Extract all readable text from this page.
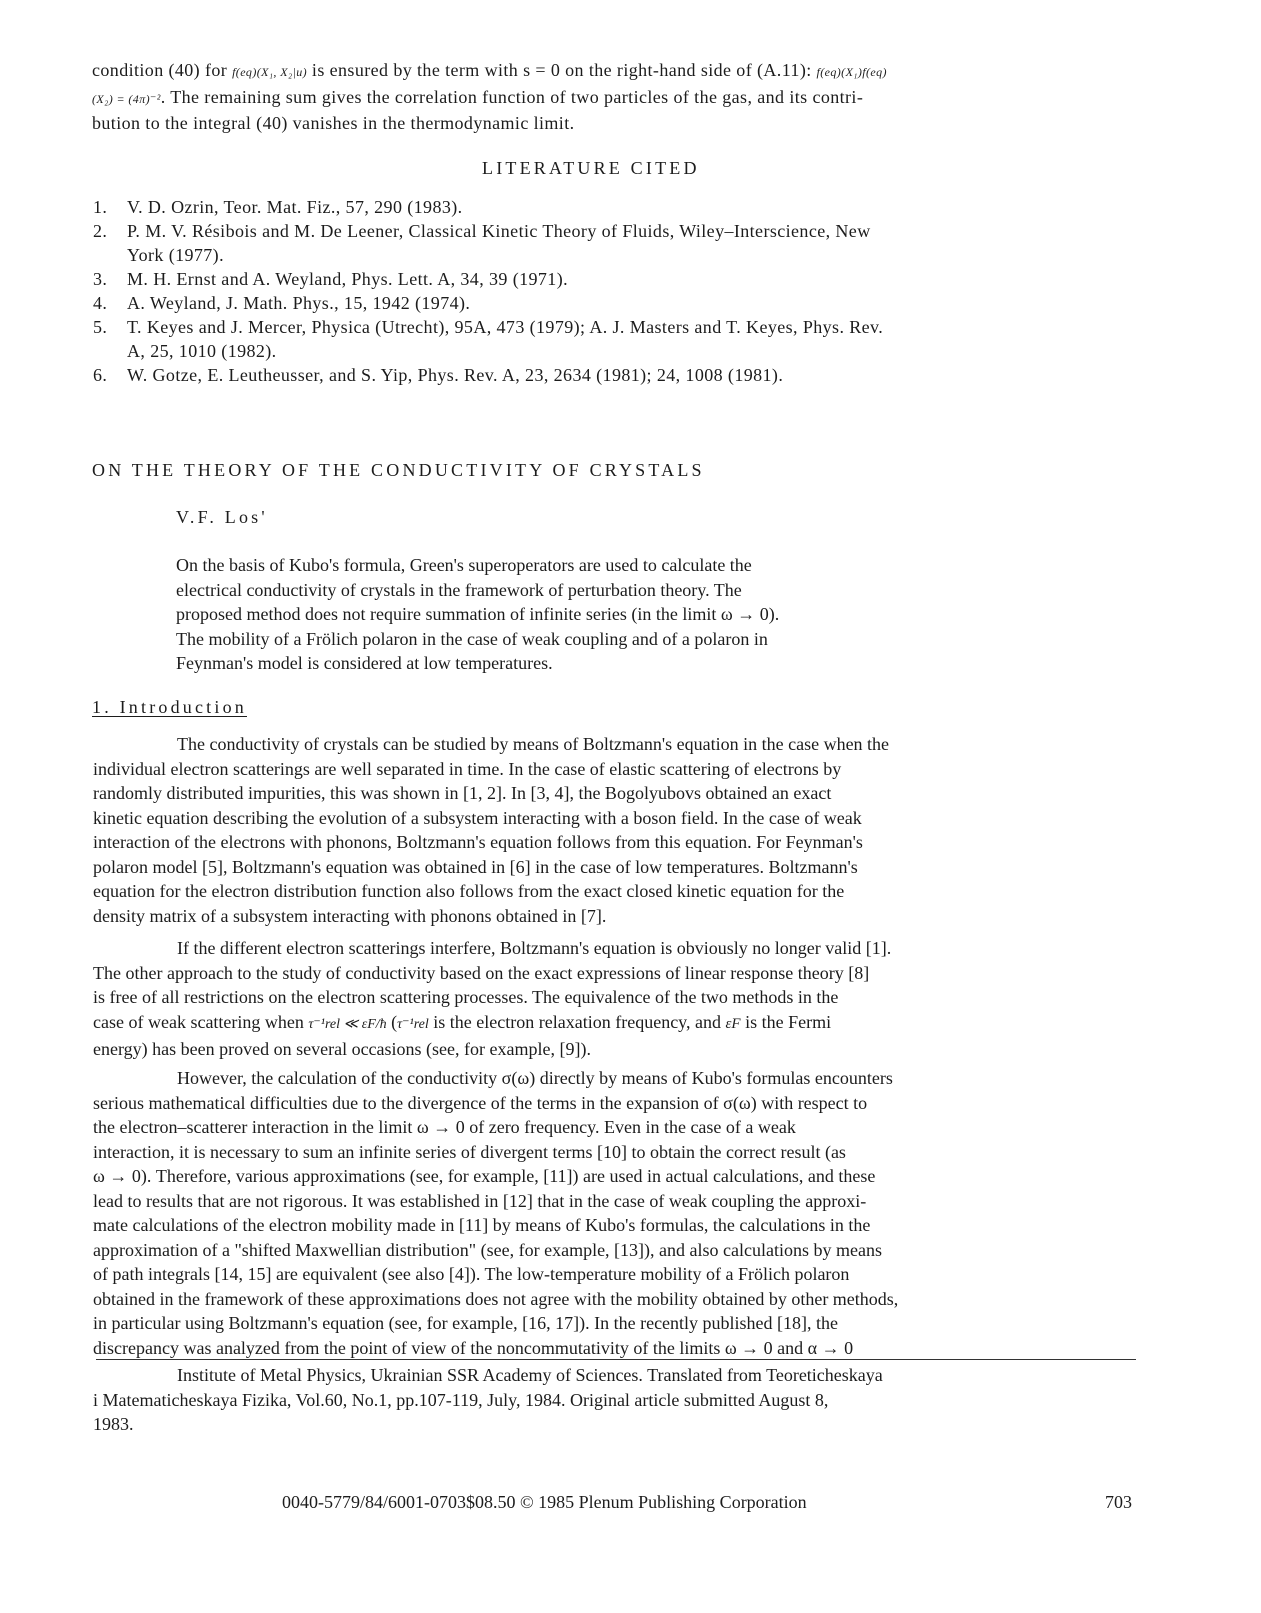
condition (40) for f(eq)(X₁, X₂|u) is ensured by the term with s = 0 on the right-hand side of (A.11): f(eq)(X₁)f(eq)
(X₂) = (4π)⁻². The remaining sum gives the correlation function of two particles of the gas, and its contri-
bution to the integral (40) vanishes in the thermodynamic limit.
LITERATURE CITED
1. V. D. Ozrin, Teor. Mat. Fiz., 57, 290 (1983).
2. P. M. V. Résibois and M. De Leener, Classical Kinetic Theory of Fluids, Wiley–Interscience, New
York (1977).
3. M. H. Ernst and A. Weyland, Phys. Lett. A, 34, 39 (1971).
4. A. Weyland, J. Math. Phys., 15, 1942 (1974).
5. T. Keyes and J. Mercer, Physica (Utrecht), 95A, 473 (1979); A. J. Masters and T. Keyes, Phys. Rev.
A, 25, 1010 (1982).
6. W. Gotze, E. Leutheusser, and S. Yip, Phys. Rev. A, 23, 2634 (1981); 24, 1008 (1981).
ON THE THEORY OF THE CONDUCTIVITY OF CRYSTALS
V.F. Los'
On the basis of Kubo's formula, Green's superoperators are used to calculate the
electrical conductivity of crystals in the framework of perturbation theory. The
proposed method does not require summation of infinite series (in the limit ω → 0).
The mobility of a Frölich polaron in the case of weak coupling and of a polaron in
Feynman's model is considered at low temperatures.
1. Introduction
The conductivity of crystals can be studied by means of Boltzmann's equation in the case when the
individual electron scatterings are well separated in time. In the case of elastic scattering of electrons by
randomly distributed impurities, this was shown in [1, 2]. In [3, 4], the Bogolyubovs obtained an exact
kinetic equation describing the evolution of a subsystem interacting with a boson field. In the case of weak
interaction of the electrons with phonons, Boltzmann's equation follows from this equation. For Feynman's
polaron model [5], Boltzmann's equation was obtained in [6] in the case of low temperatures. Boltzmann's
equation for the electron distribution function also follows from the exact closed kinetic equation for the
density matrix of a subsystem interacting with phonons obtained in [7].
If the different electron scatterings interfere, Boltzmann's equation is obviously no longer valid [1].
The other approach to the study of conductivity based on the exact expressions of linear response theory [8]
is free of all restrictions on the electron scattering processes. The equivalence of the two methods in the
case of weak scattering when τ⁻¹rel ≪ εF/ħ (τ⁻¹rel is the electron relaxation frequency, and εF is the Fermi
energy) has been proved on several occasions (see, for example, [9]).
However, the calculation of the conductivity σ(ω) directly by means of Kubo's formulas encounters
serious mathematical difficulties due to the divergence of the terms in the expansion of σ(ω) with respect to
the electron–scatterer interaction in the limit ω → 0 of zero frequency. Even in the case of a weak
interaction, it is necessary to sum an infinite series of divergent terms [10] to obtain the correct result (as
ω → 0). Therefore, various approximations (see, for example, [11]) are used in actual calculations, and these
lead to results that are not rigorous. It was established in [12] that in the case of weak coupling the approxi-
mate calculations of the electron mobility made in [11] by means of Kubo's formulas, the calculations in the
approximation of a "shifted Maxwellian distribution" (see, for example, [13]), and also calculations by means
of path integrals [14, 15] are equivalent (see also [4]). The low-temperature mobility of a Frölich polaron
obtained in the framework of these approximations does not agree with the mobility obtained by other methods,
in particular using Boltzmann's equation (see, for example, [16, 17]). In the recently published [18], the
discrepancy was analyzed from the point of view of the noncommutativity of the limits ω → 0 and α → 0
Institute of Metal Physics, Ukrainian SSR Academy of Sciences. Translated from Teoreticheskaya
i Matematicheskaya Fizika, Vol.60, No.1, pp.107-119, July, 1984. Original article submitted August 8,
1983.
0040-5779/84/6001-0703$08.50 © 1985 Plenum Publishing Corporation	703
